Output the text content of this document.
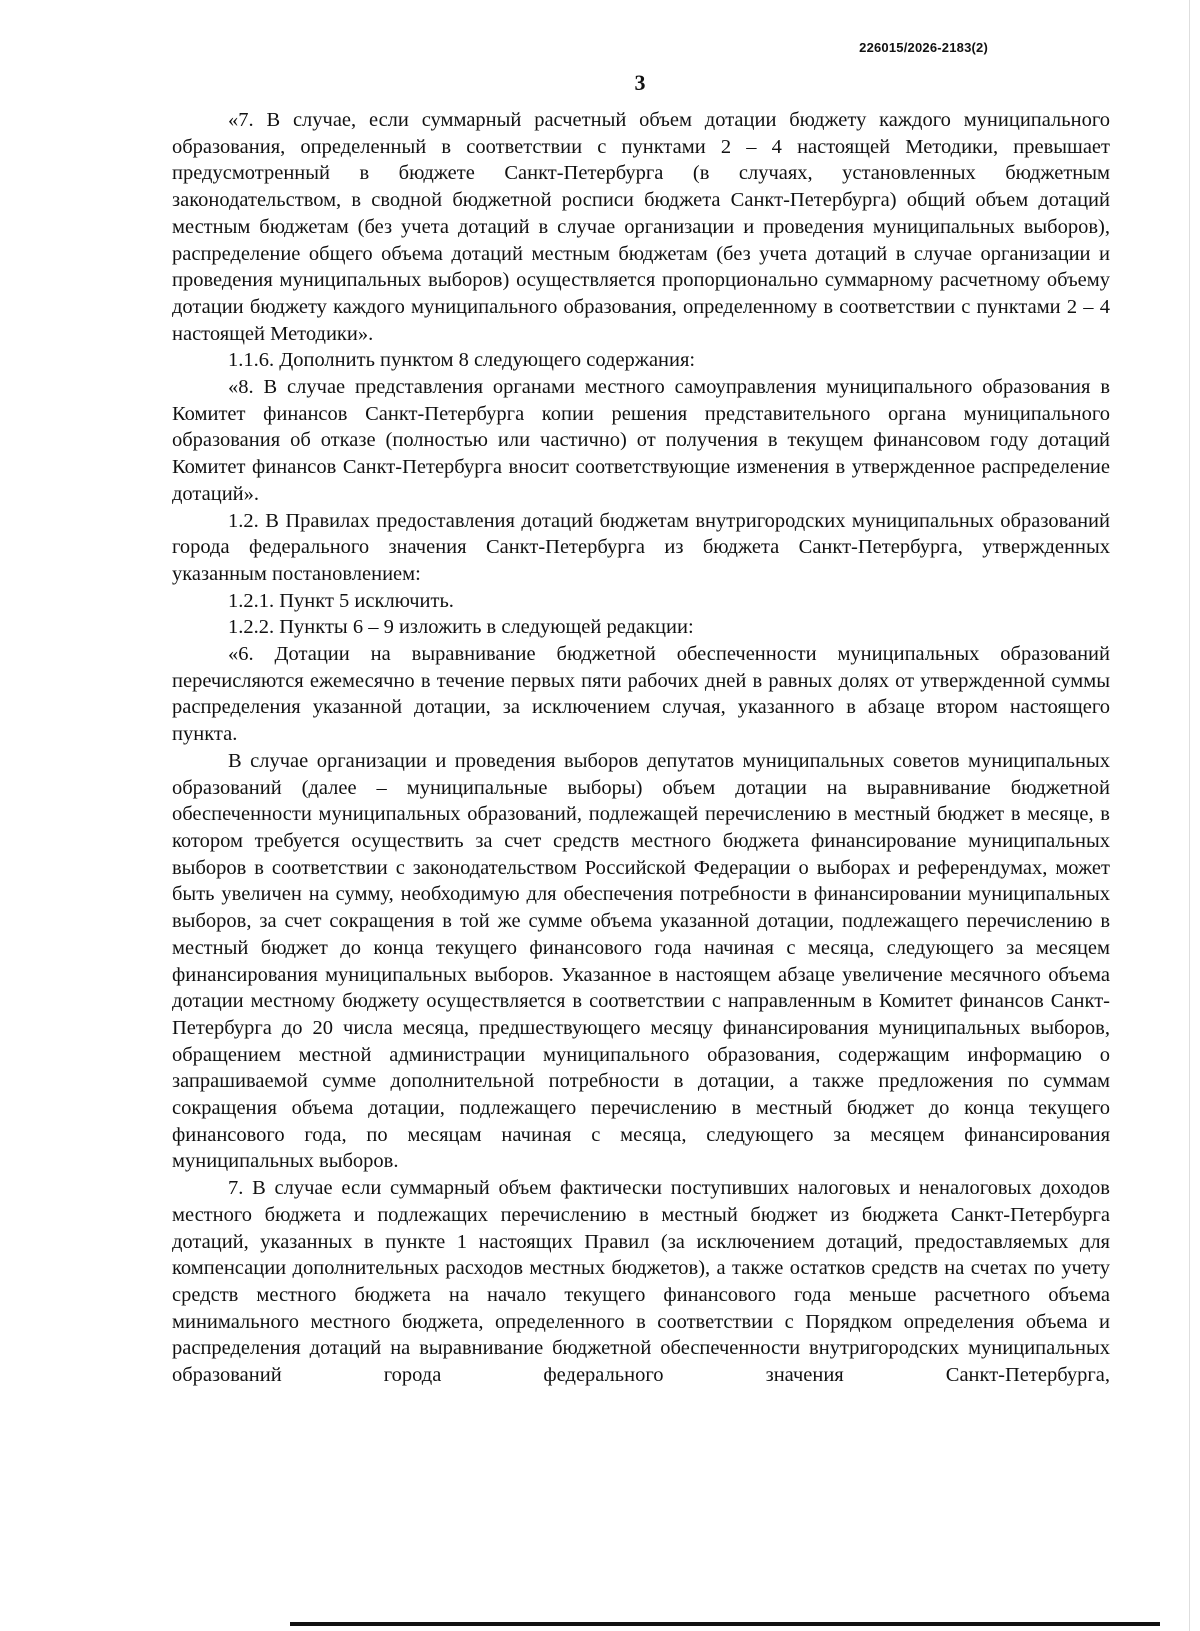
226015/2026-2183(2)
3

«7. В случае, если суммарный расчетный объем дотации бюджету каждого муниципального образования, определенный в соответствии с пунктами 2 – 4 настоящей Методики, превышает предусмотренный в бюджете Санкт-Петербурга (в случаях, установленных бюджетным законодательством, в сводной бюджетной росписи бюджета Санкт-Петербурга) общий объем дотаций местным бюджетам (без учета дотаций в случае организации и проведения муниципальных выборов), распределение общего объема дотаций местным бюджетам (без учета дотаций в случае организации и проведения муниципальных выборов) осуществляется пропорционально суммарному расчетному объему дотации бюджету каждого муниципального образования, определенному в соответствии с пунктами 2 – 4 настоящей Методики».

1.1.6. Дополнить пунктом 8 следующего содержания:

«8. В случае представления органами местного самоуправления муниципального образования в Комитет финансов Санкт-Петербурга копии решения представительного органа муниципального образования об отказе (полностью или частично) от получения в текущем финансовом году дотаций Комитет финансов Санкт-Петербурга вносит соответствующие изменения в утвержденное распределение дотаций».

1.2. В Правилах предоставления дотаций бюджетам внутригородских муниципальных образований города федерального значения Санкт-Петербурга из бюджета Санкт-Петербурга, утвержденных указанным постановлением:

1.2.1. Пункт 5 исключить.

1.2.2. Пункты 6 – 9 изложить в следующей редакции:

«6. Дотации на выравнивание бюджетной обеспеченности муниципальных образований перечисляются ежемесячно в течение первых пяти рабочих дней в равных долях от утвержденной суммы распределения указанной дотации, за исключением случая, указанного в абзаце втором настоящего пункта.

В случае организации и проведения выборов депутатов муниципальных советов муниципальных образований (далее – муниципальные выборы) объем дотации на выравнивание бюджетной обеспеченности муниципальных образований, подлежащей перечислению в местный бюджет в месяце, в котором требуется осуществить за счет средств местного бюджета финансирование муниципальных выборов в соответствии с законодательством Российской Федерации о выборах и референдумах, может быть увеличен на сумму, необходимую для обеспечения потребности в финансировании муниципальных выборов, за счет сокращения в той же сумме объема указанной дотации, подлежащего перечислению в местный бюджет до конца текущего финансового года начиная с месяца, следующего за месяцем финансирования муниципальных выборов. Указанное в настоящем абзаце увеличение месячного объема дотации местному бюджету осуществляется в соответствии с направленным в Комитет финансов Санкт-Петербурга до 20 числа месяца, предшествующего месяцу финансирования муниципальных выборов, обращением местной администрации муниципального образования, содержащим информацию о запрашиваемой сумме дополнительной потребности в дотации, а также предложения по суммам сокращения объема дотации, подлежащего перечислению в местный бюджет до конца текущего финансового года, по месяцам начиная с месяца, следующего за месяцем финансирования муниципальных выборов.

7. В случае если суммарный объем фактически поступивших налоговых и неналоговых доходов местного бюджета и подлежащих перечислению в местный бюджет из бюджета Санкт-Петербурга дотаций, указанных в пункте 1 настоящих Правил (за исключением дотаций, предоставляемых для компенсации дополнительных расходов местных бюджетов), а также остатков средств на счетах по учету средств местного бюджета на начало текущего финансового года меньше расчетного объема минимального местного бюджета, определенного в соответствии с Порядком определения объема и распределения дотаций на выравнивание бюджетной обеспеченности внутригородских муниципальных образований города федерального значения Санкт-Петербурга,
